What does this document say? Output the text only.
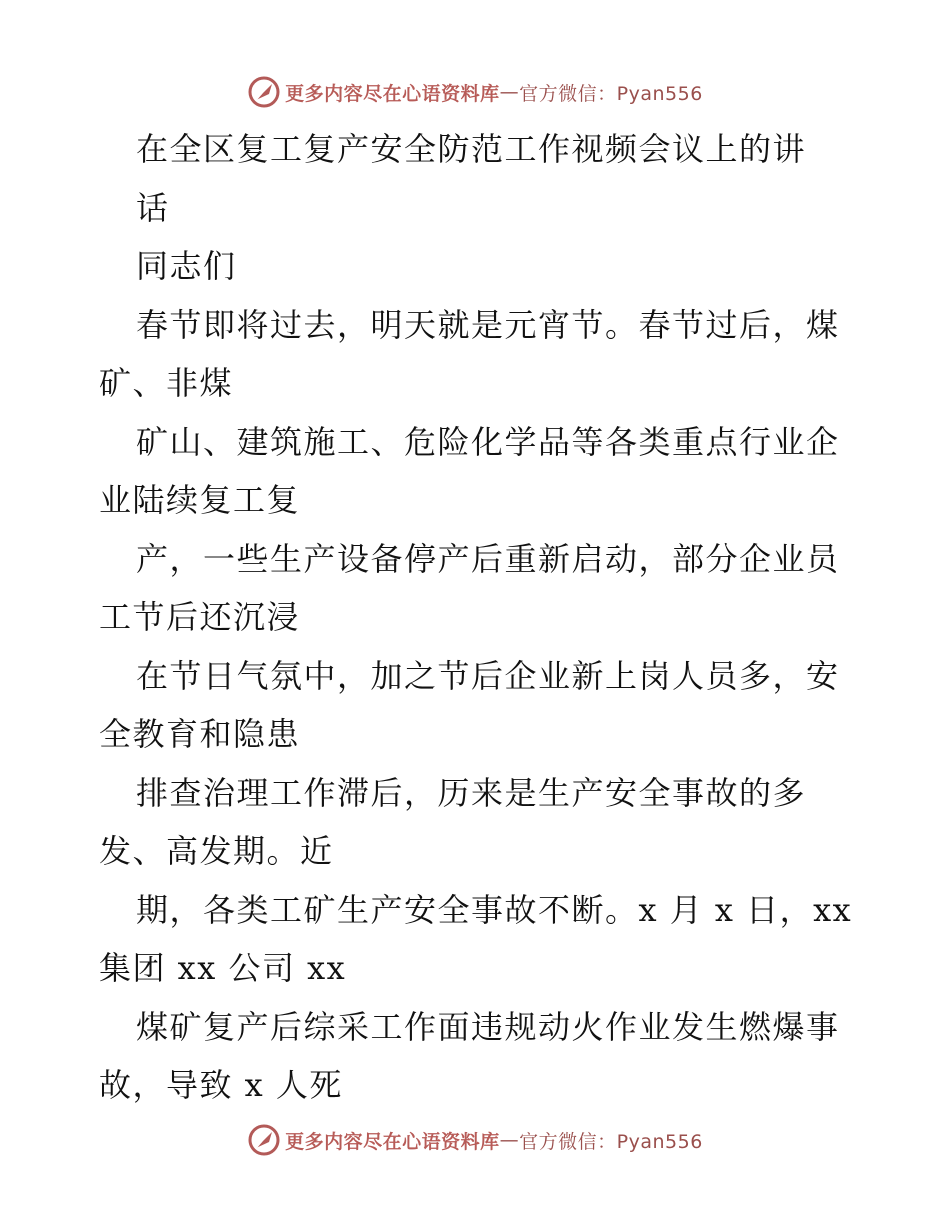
更多内容尽在心语资料库 — 官方微信：Pyan556
在全区复工复产安全防范工作视频会议上的讲
话
同志们
春节即将过去，明天就是元宵节。春节过后，煤
矿、非煤
矿山、建筑施工、危险化学品等各类重点行业企
业陆续复工复
产，一些生产设备停产后重新启动，部分企业员
工节后还沉浸
在节日气氛中，加之节后企业新上岗人员多，安
全教育和隐患
排查治理工作滞后，历来是生产安全事故的多
发、高发期。近
期，各类工矿生产安全事故不断。x 月 x 日，xx
集团 xx 公司 xx
煤矿复产后综采工作面违规动火作业发生燃爆事
故，导致 x 人死
更多内容尽在心语资料库 — 官方微信：Pyan556
